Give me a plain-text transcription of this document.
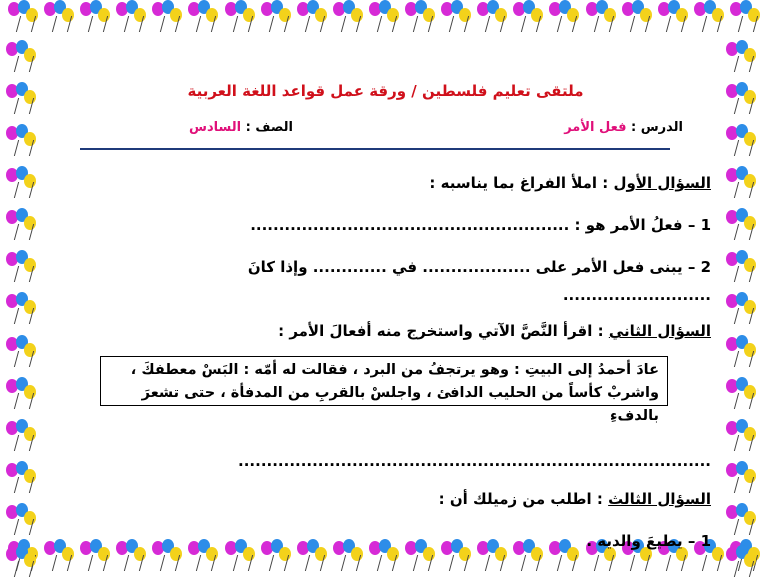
ملتقى تعليم فلسطين / ورقة عمل قواعد اللغة العربية
الدرس : فعل الأمر
الصف : السادس
السؤال الأول : املأ الفراغ بما يناسبه :
1 – فعلُ الأمر هو : ........................................................
2 – يبنى فعل الأمر على ................... في ............. وإذا كانَ
..........................
السؤال الثاني : اقرأ النَّصَّ الآتي واستخرج منه أفعالَ الأمر :
عادَ أحمدُ إلى البيتِ : وهو يرتجفُ من البرد ، فقالت له أمّه : البَسْ معطفكَ ،
واشربْ كأساً من الحليب الدافئ ، واجلسْ بالقربِ من المدفأة ، حتى تشعرَ بالدفءِ
...................................................................................
السؤال الثالث : اطلب من زميلك أن :
1 – يطيعَ والديه .
